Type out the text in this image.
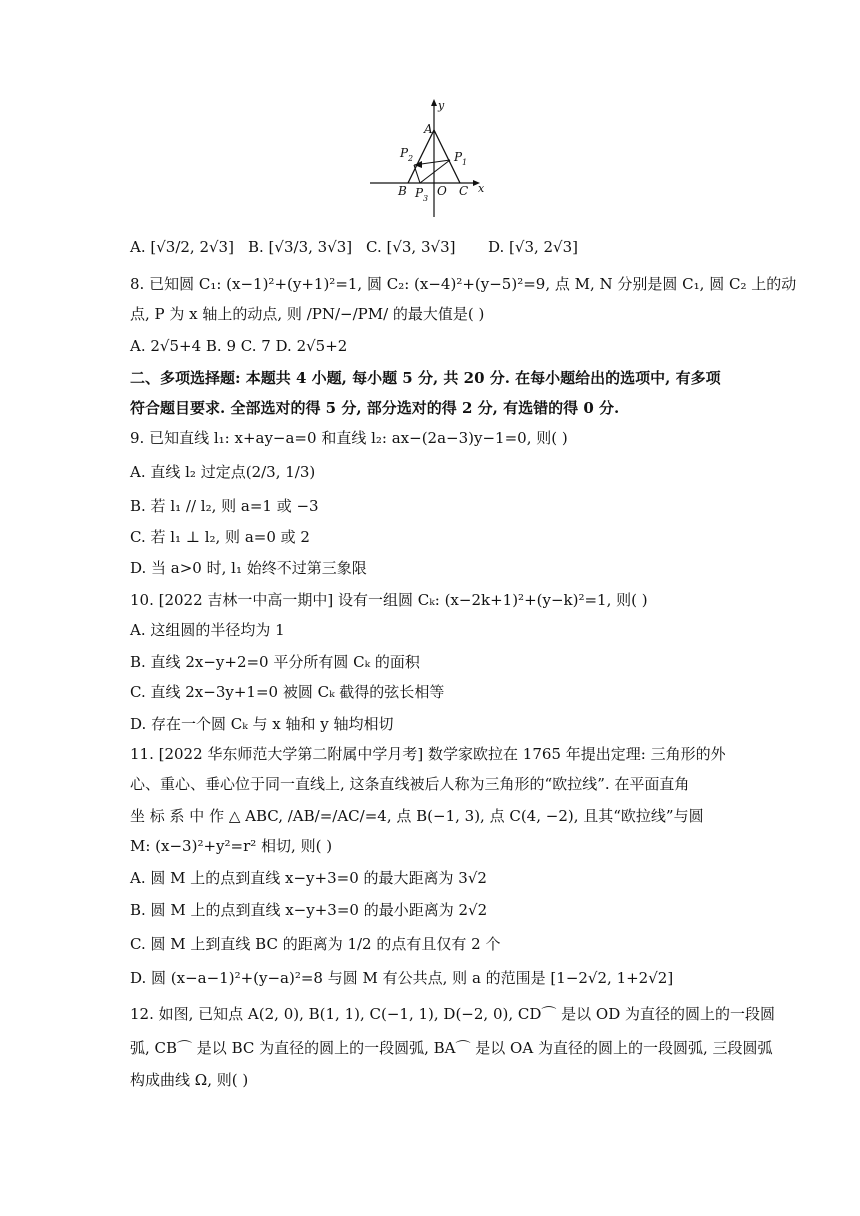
y
x
A
P 2	P 1
B P 3
O C
A. [√3/2, 2√3] B. [√3/3, 3√3] C. [√3, 3√3] D. [√3, 2√3]
8. 已知圆 C₁: (x−1)²+(y+1)²=1, 圆 C₂: (x−4)²+(y−5)²=9, 点 M, N 分别是圆 C₁, 圆 C₂ 上的动
点, P 为 x 轴上的动点, 则 /PN/−/PM/ 的最大值是( )
A. 2√5+4 B. 9 C. 7 D. 2√5+2
二、多项选择题: 本题共 4 小题, 每小题 5 分, 共 20 分. 在每小题给出的选项中, 有多项
符合题目要求. 全部选对的得 5 分, 部分选对的得 2 分, 有选错的得 0 分.
9. 已知直线 l₁: x+ay−a=0 和直线 l₂: ax−(2a−3)y−1=0, 则( )
A. 直线 l₂ 过定点(2/3, 1/3)
B. 若 l₁ // l₂, 则 a=1 或 −3
C. 若 l₁ ⊥ l₂, 则 a=0 或 2
D. 当 a>0 时, l₁ 始终不过第三象限
10. [2022 吉林一中高一期中] 设有一组圆 Cₖ: (x−2k+1)²+(y−k)²=1, 则( )
A. 这组圆的半径均为 1
B. 直线 2x−y+2=0 平分所有圆 Cₖ 的面积
C. 直线 2x−3y+1=0 被圆 Cₖ 截得的弦长相等
D. 存在一个圆 Cₖ 与 x 轴和 y 轴均相切
11. [2022 华东师范大学第二附属中学月考] 数学家欧拉在 1765 年提出定理: 三角形的外
心、重心、垂心位于同一直线上, 这条直线被后人称为三角形的“欧拉线”. 在平面直角
坐 标 系 中 作 △ ABC, /AB/=/AC/=4, 点 B(−1, 3), 点 C(4, −2), 且其“欧拉线”与圆
M: (x−3)²+y²=r² 相切, 则( )
A. 圆 M 上的点到直线 x−y+3=0 的最大距离为 3√2
B. 圆 M 上的点到直线 x−y+3=0 的最小距离为 2√2
C. 圆 M 上到直线 BC 的距离为 1/2 的点有且仅有 2 个
D. 圆 (x−a−1)²+(y−a)²=8 与圆 M 有公共点, 则 a 的范围是 [1−2√2, 1+2√2]
12. 如图, 已知点 A(2, 0), B(1, 1), C(−1, 1), D(−2, 0), CD⌒ 是以 OD 为直径的圆上的一段圆
弧, CB⌒ 是以 BC 为直径的圆上的一段圆弧, BA⌒ 是以 OA 为直径的圆上的一段圆弧, 三段圆弧
构成曲线 Ω, 则( )
